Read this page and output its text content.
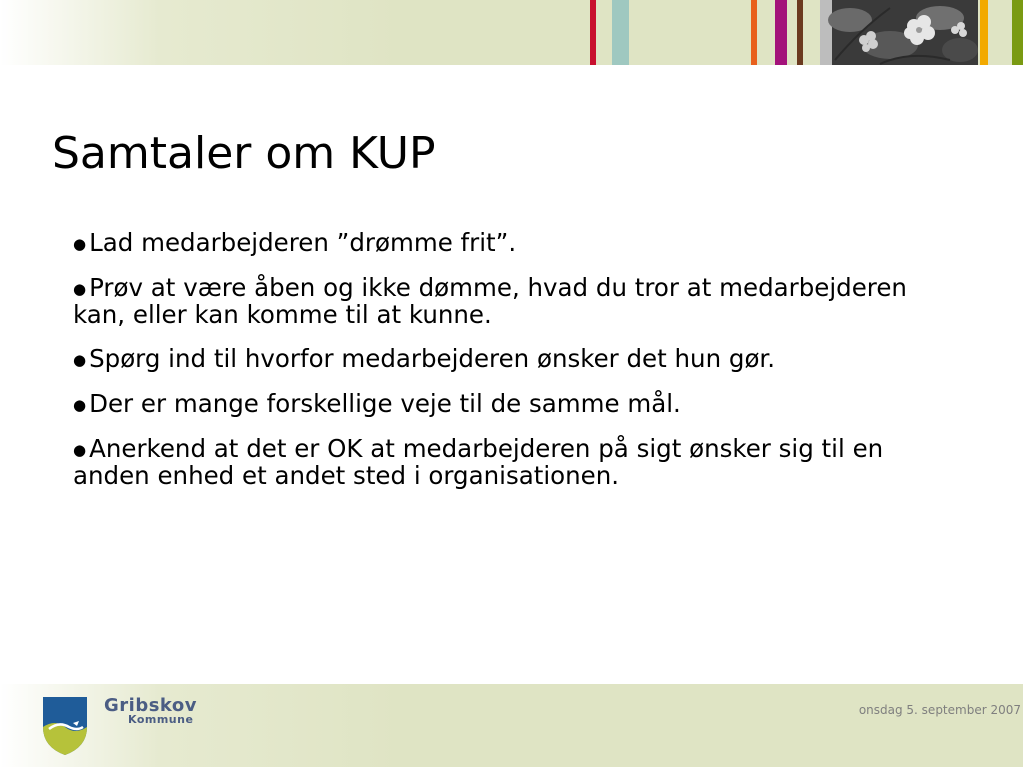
Samtaler om KUP
● Lad medarbejderen ”drømme frit”.
● Prøv at være åben og ikke dømme, hvad du tror at medarbejderen kan, eller kan komme til at kunne.
● Spørg ind til hvorfor medarbejderen ønsker det hun gør.
● Der er mange forskellige veje til de samme mål.
● Anerkend at det er OK at medarbejderen på sigt ønsker sig til en anden enhed et andet sted i organisationen.
Gribskov
Kommune
onsdag 5. september 2007
